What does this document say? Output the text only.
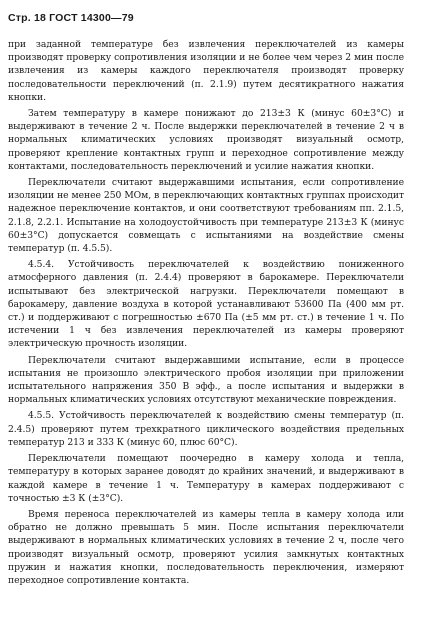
Стр. 18 ГОСТ 14300—79

при заданной температуре без извлечения переключателей из камеры производят проверку сопротивления изоляции и не более чем через 2 мин после извлечения из камеры каждого переключателя производят проверку последовательности переключений (п. 2.1.9) путем десятикратного нажатия кнопки.

Затем температуру в камере понижают до 213±3 К (минус 60±3°С) и выдерживают в течение 2 ч. После выдержки переключателей в течение 2 ч в нормальных климатических условиях производят визуальный осмотр, проверяют крепление контактных групп и переходное сопротивление между контактами, последовательность переключений и усилие нажатия кнопки.

Переключатели считают выдержавшими испытания, если сопротивление изоляции не менее 250 МОм, в переключающих контактных группах происходит надежное переключение контактов, и они соответствуют требованиям пп. 2.1.5, 2.1.8, 2.2.1. Испытание на холодоустойчивость при температуре 213±3 К (минус 60±3°С) допускается совмещать с испытаниями на воздействие смены температур (п. 4.5.5).

4.5.4. Устойчивость переключателей к воздействию пониженного атмосферного давления (п. 2.4.4) проверяют в барокамере. Переключатели испытывают без электрической нагрузки. Переключатели помещают в барокамеру, давление воздуха в которой устанавливают 53600 Па (400 мм рт. ст.) и поддерживают с погрешностью ±670 Па (±5 мм рт. ст.) в течение 1 ч. По истечении 1 ч без извлечения переключателей из камеры проверяют электрическую прочность изоляции.

Переключатели считают выдержавшими испытание, если в процессе испытания не произошло электрического пробоя изоляции при приложении испытательного напряжения 350 В эфф., а после испытания и выдержки в нормальных климатических условиях отсутствуют механические повреждения.

4.5.5. Устойчивость переключателей к воздействию смены температур (п. 2.4.5) проверяют путем трехкратного циклического воздействия предельных температур 213 и 333 К (минус 60, плюс 60°С).

Переключатели помещают поочередно в камеру холода и тепла, температуру в которых заранее доводят до крайних значений, и выдерживают в каждой камере в течение 1 ч. Температуру в камерах поддерживают с точностью ±3 К (±3°С).

Время переноса переключателей из камеры тепла в камеру холода или обратно не должно превышать 5 мин. После испытания переключатели выдерживают в нормальных климатических условиях в течение 2 ч, после чего производят визуальный осмотр, проверяют усилия замкнутых контактных пружин и нажатия кнопки, последовательность переключения, измеряют переходное сопротивление контакта.
